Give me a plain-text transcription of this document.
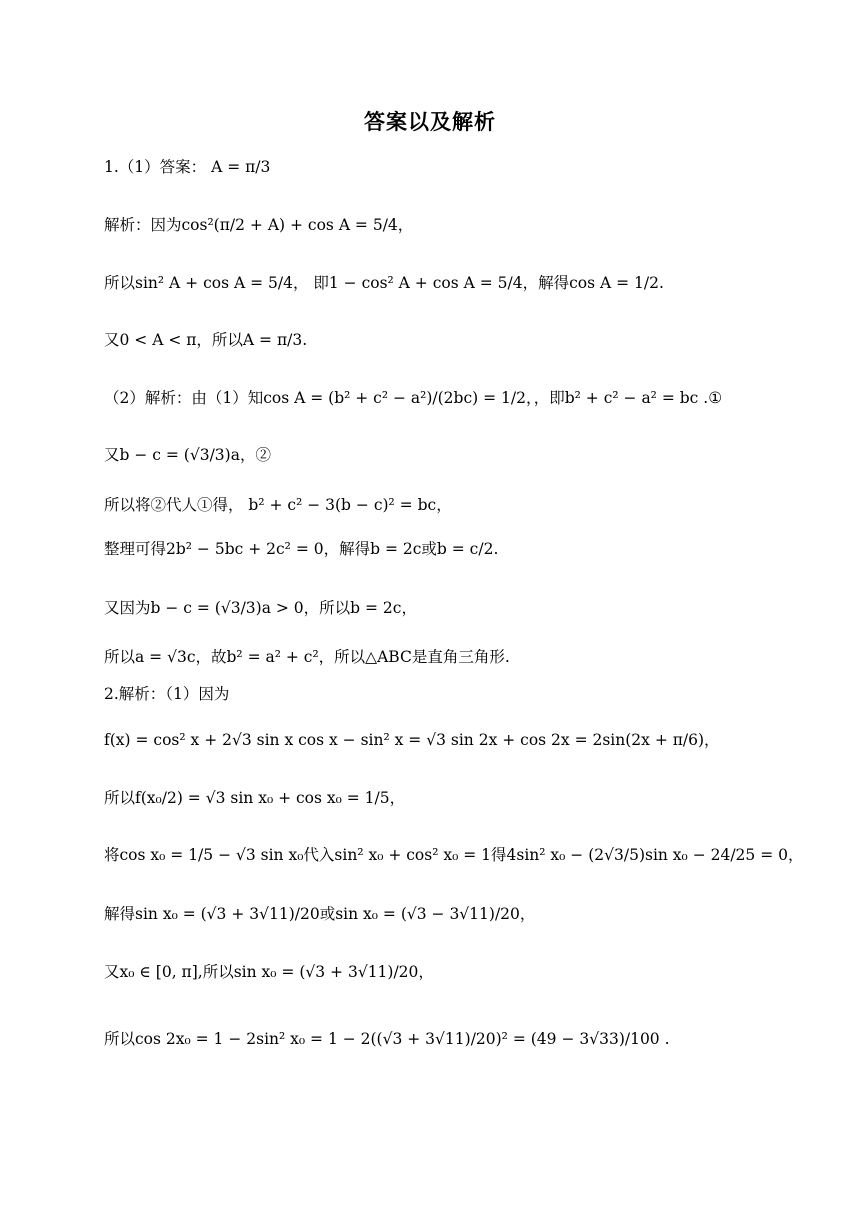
答案以及解析
1.（1）答案： A = π/3
解析：因为cos²(π/2 + A) + cos A = 5/4，
所以sin² A + cos A = 5/4， 即1 − cos² A + cos A = 5/4，解得cos A = 1/2.
又0 < A < π，所以A = π/3.
（2）解析：由（1）知cos A = (b² + c² − a²)/(2bc) = 1/2，，即b² + c² − a² = bc .①
又b − c = (√3/3)a，②
所以将②代人①得， b² + c² − 3(b − c)² = bc，
整理可得2b² − 5bc + 2c² = 0，解得b = 2c或b = c/2.
又因为b − c = (√3/3)a > 0，所以b = 2c，
所以a = √3c，故b² = a² + c²，所以△ABC是直角三角形.
2.解析：（1）因为
f(x) = cos² x + 2√3 sin x cos x − sin² x = √3 sin 2x + cos 2x = 2sin(2x + π/6)，
所以f(x₀/2) = √3 sin x₀ + cos x₀ = 1/5，
将cos x₀ = 1/5 − √3 sin x₀代入sin² x₀ + cos² x₀ = 1得4sin² x₀ − (2√3/5)sin x₀ − 24/25 = 0，
解得sin x₀ = (√3 + 3√11)/20或sin x₀ = (√3 − 3√11)/20，
又x₀ ∈ [0, π],所以sin x₀ = (√3 + 3√11)/20，
所以cos 2x₀ = 1 − 2sin² x₀ = 1 − 2((√3 + 3√11)/20)² = (49 − 3√33)/100 .
